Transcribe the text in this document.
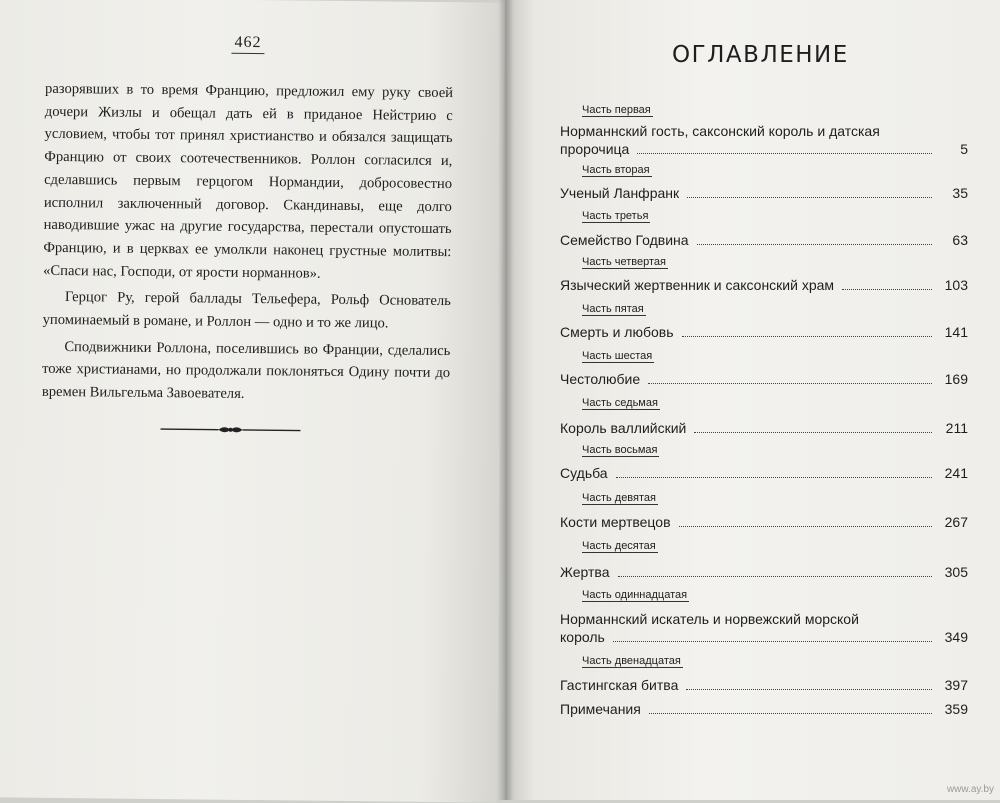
462

разорявших в то время Францию, предложил ему руку своей дочери Жизлы и обещал дать ей в приданое Нейстрию с условием, чтобы тот принял христианство и обязался защищать Францию от своих соотечественников. Роллон согласился и, сделавшись первым герцогом Нормандии, добросовестно исполнил заключенный договор. Скандинавы, еще долго наводившие ужас на другие государства, перестали опустошать Францию, и в церквах ее умолкли наконец грустные молитвы: «Спаси нас, Господи, от ярости норманнов».

Герцог Ру, герой баллады Тельефера, Рольф Основатель упоминаемый в романе, и Роллон — одно и то же лицо.

Сподвижники Роллона, поселившись во Франции, сделались тоже христианами, но продолжали поклоняться Одину почти до времен Вильгельма Завоевателя.

ОГЛАВЛЕНИЕ
Часть первая
Норманнский гость, саксонский король и датская
пророчица	5
Часть вторая
Ученый Ланфранк	35
Часть третья
Семейство Годвина	63
Часть четвертая
Языческий жертвенник и саксонский храм	103
Часть пятая
Смерть и любовь	141
Часть шестая
Честолюбие	169
Часть седьмая
Король валлийский	211
Часть восьмая
Судьба	241
Часть девятая
Кости мертвецов	267
Часть десятая
Жертва	305
Часть одиннадцатая
Норманнский искатель и норвежский морской
король	349
Часть двенадцатая
Гастингская битва	397
Примечания	359
www.ay.by
